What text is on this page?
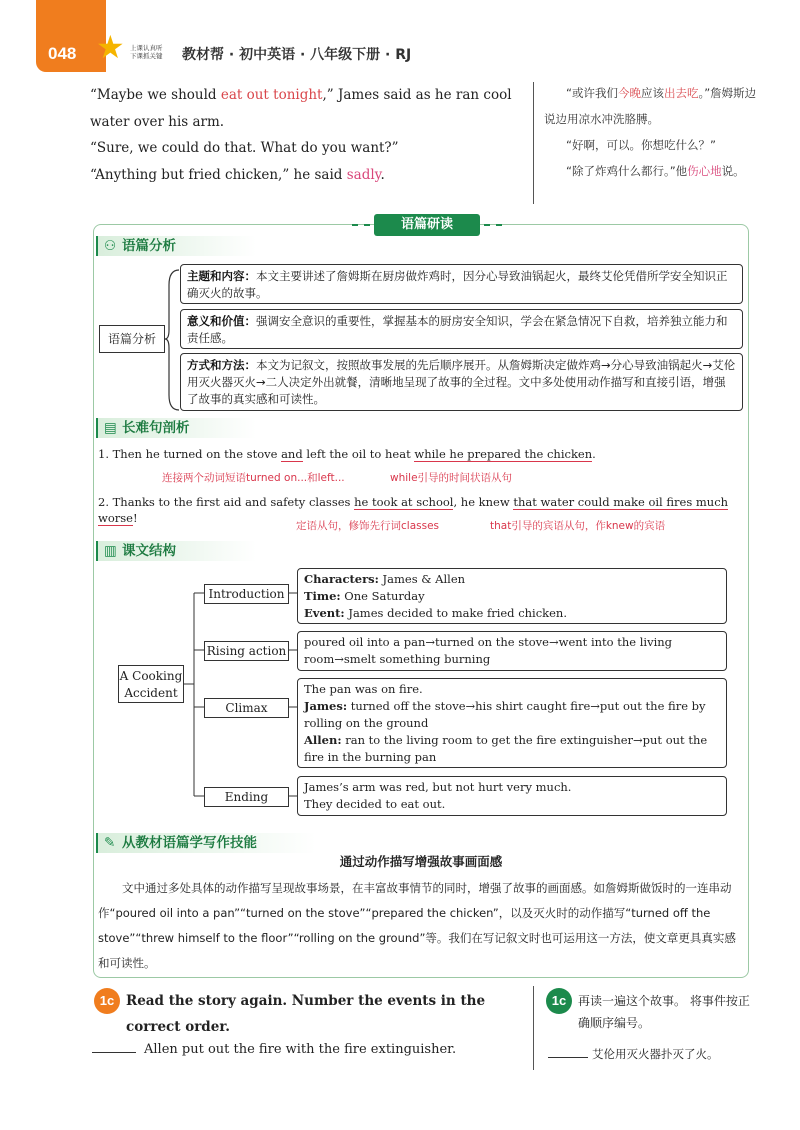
048 ★ 上课认真听
下课抓关键	教材帮 · 初中英语 · 八年级下册 · RJ

“Maybe we should eat out tonight,” James said as he ran cool water over his arm.

“Sure, we could do that. What do you want?”

“Anything but fried chicken,” he said sadly.

“或许我们今晚应该出去吃。”詹姆斯边说边用凉水冲洗胳膊。

“好啊，可以。你想吃什么？”

“除了炸鸡什么都行。”他伤心地说。

语篇研读
⚇ 语篇分析
语篇分析
主题和内容：本文主要讲述了詹姆斯在厨房做炸鸡时，因分心导致油锅起火，最终艾伦凭借所学安全知识正确灭火的故事。
意义和价值：强调安全意识的重要性，掌握基本的厨房安全知识，学会在紧急情况下自救，培养独立能力和责任感。
方式和方法：本文为记叙文，按照故事发展的先后顺序展开。从詹姆斯决定做炸鸡→分心导致油锅起火→艾伦用灭火器灭火→二人决定外出就餐，清晰地呈现了故事的全过程。文中多处使用动作描写和直接引语，增强了故事的真实感和可读性。
▤ 长难句剖析
1. Then he turned on the stove and left the oil to heat while he prepared the chicken.
连接两个动词短语turned on...和left...	while引导的时间状语从句
2. Thanks to the first aid and safety classes he took at school, he knew that water could make oil fires much worse!
定语从句，修饰先行词classes	that引导的宾语从句，作knew的宾语
▥ 课文结构
A Cooking Accident
Introduction
Rising action
Climax
Ending
Characters: James & Allen
Time: One Saturday
Event: James decided to make fried chicken.
poured oil into a pan→turned on the stove→went into the living room→smelt something burning
The pan was on fire.
James: turned off the stove→his shirt caught fire→put out the fire by rolling on the ground
Allen: ran to the living room to get the fire extinguisher→put out the fire in the burning pan
James’s arm was red, but not hurt very much.
They decided to eat out.
✎ 从教材语篇学写作技能
通过动作描写增强故事画面感
文中通过多处具体的动作描写呈现故事场景，在丰富故事情节的同时，增强了故事的画面感。如詹姆斯做饭时的一连串动作“poured oil into a pan”“turned on the stove”“prepared the chicken”，以及灭火时的动作描写“turned off the stove”“threw himself to the floor”“rolling on the ground”等。我们在写记叙文时也可运用这一方法，使文章更具真实感和可读性。
1c Read the story again. Number the events in the correct order.
Allen put out the fire with the fire extinguisher.
1c 再读一遍这个故事。 将事件按正确顺序编号。
艾伦用灭火器扑灭了火。
